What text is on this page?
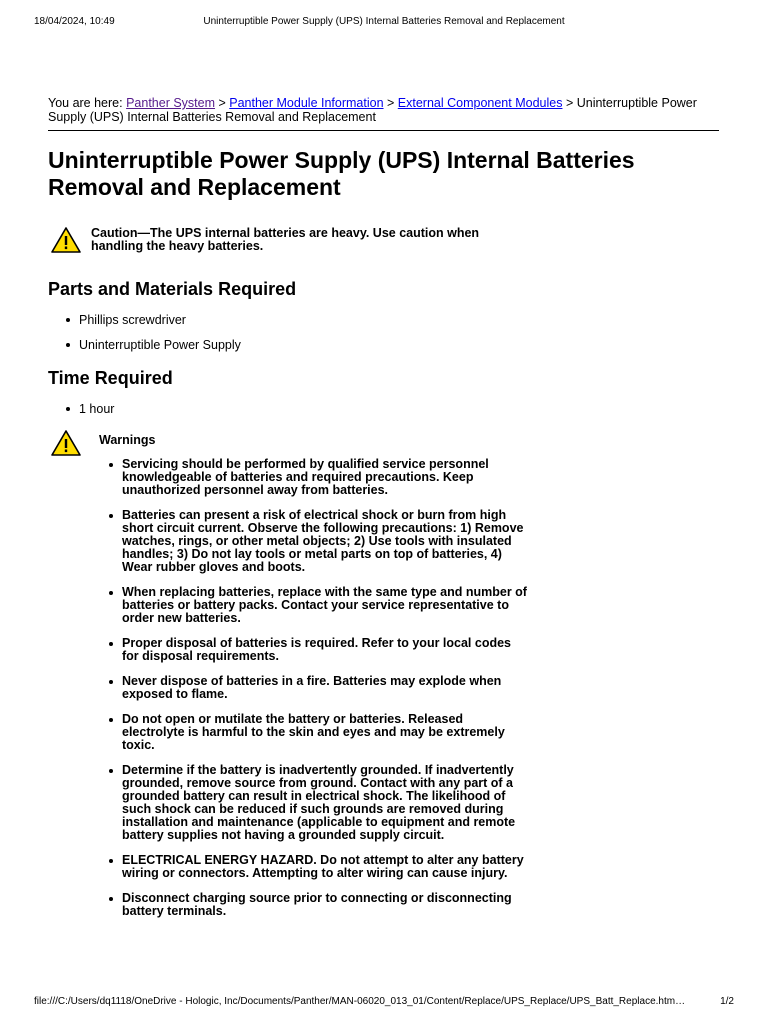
18/04/2024, 10:49	Uninterruptible Power Supply (UPS) Internal Batteries Removal and Replacement
You are here: Panther System > Panther Module Information > External Component Modules > Uninterruptible Power Supply (UPS) Internal Batteries Removal and Replacement
Uninterruptible Power Supply (UPS) Internal Batteries Removal and Replacement
Caution—The UPS internal batteries are heavy. Use caution when handling the heavy batteries.
Parts and Materials Required
Phillips screwdriver
Uninterruptible Power Supply
Time Required
1 hour
Warnings
Servicing should be performed by qualified service personnel knowledgeable of batteries and required precautions. Keep unauthorized personnel away from batteries.
Batteries can present a risk of electrical shock or burn from high short circuit current. Observe the following precautions: 1) Remove watches, rings, or other metal objects; 2) Use tools with insulated handles; 3) Do not lay tools or metal parts on top of batteries, 4) Wear rubber gloves and boots.
When replacing batteries, replace with the same type and number of batteries or battery packs. Contact your service representative to order new batteries.
Proper disposal of batteries is required. Refer to your local codes for disposal requirements.
Never dispose of batteries in a fire. Batteries may explode when exposed to flame.
Do not open or mutilate the battery or batteries. Released electrolyte is harmful to the skin and eyes and may be extremely toxic.
Determine if the battery is inadvertently grounded. If inadvertently grounded, remove source from ground. Contact with any part of a grounded battery can result in electrical shock. The likelihood of such shock can be reduced if such grounds are removed during installation and maintenance (applicable to equipment and remote battery supplies not having a grounded supply circuit.
ELECTRICAL ENERGY HAZARD. Do not attempt to alter any battery wiring or connectors. Attempting to alter wiring can cause injury.
Disconnect charging source prior to connecting or disconnecting battery terminals.
file:///C:/Users/dq1118/OneDrive - Hologic, Inc/Documents/Panther/MAN-06020_013_01/Content/Replace/UPS_Replace/UPS_Batt_Replace.htm…	1/2
